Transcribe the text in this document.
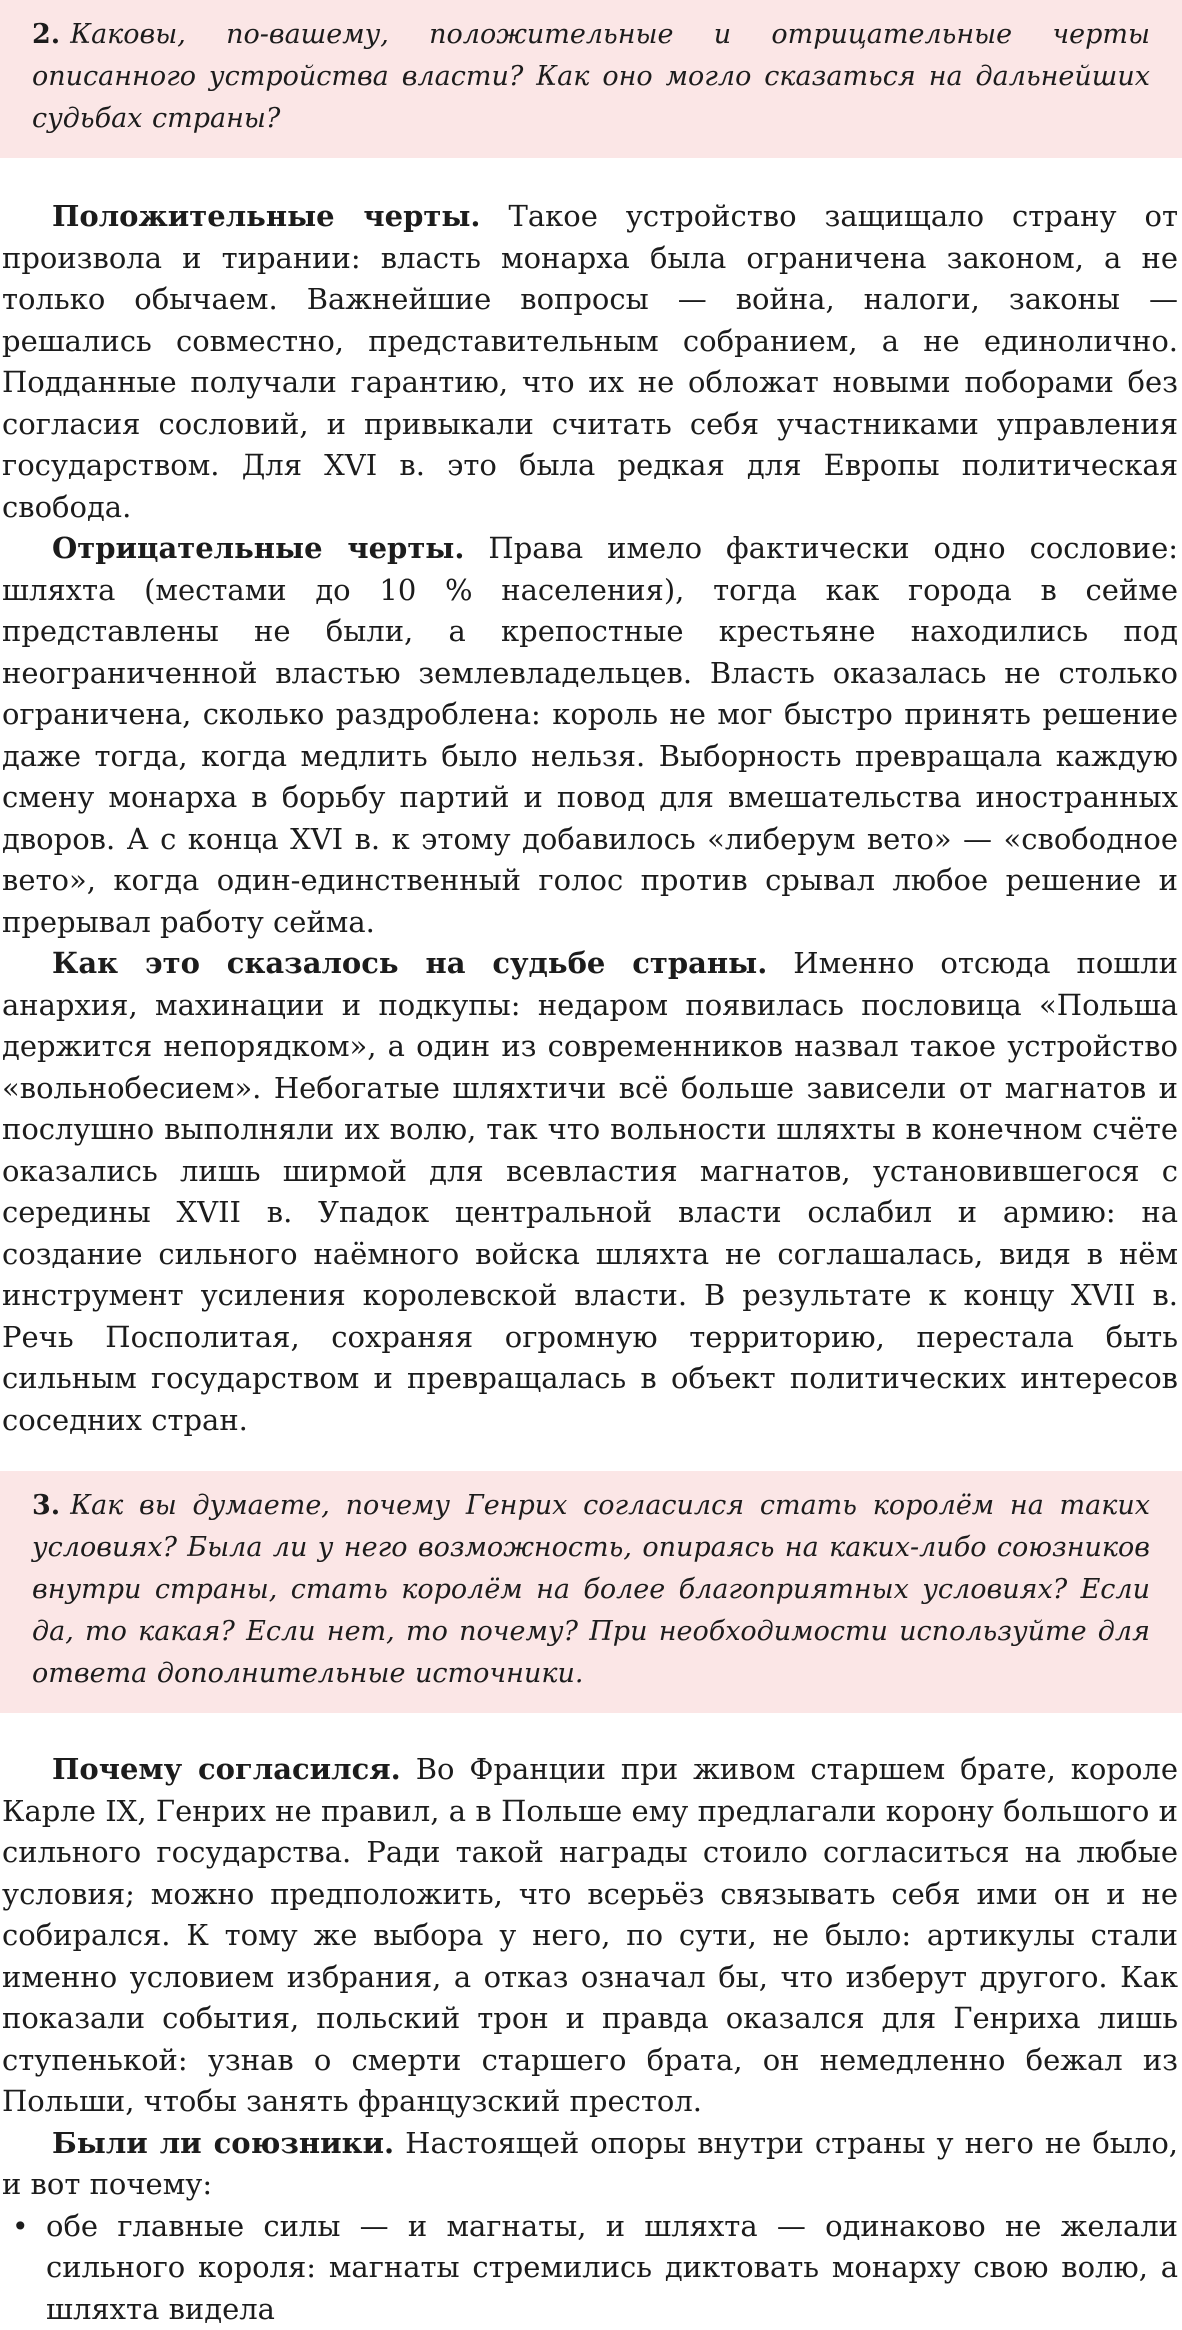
2. Каковы, по-вашему, положительные и отрицательные черты описанного устройства власти? Как оно могло сказаться на дальнейших судьбах страны?

Положительные черты. Такое устройство защищало страну от произвола и тирании: власть монарха была ограничена законом, а не только обычаем. Важнейшие вопросы — война, налоги, законы — решались совместно, представительным собранием, а не единолично. Подданные получали гарантию, что их не обложат новыми поборами без согласия сословий, и привыкали считать себя участниками управления государством. Для XVI в. это была редкая для Европы политическая свобода.

Отрицательные черты. Права имело фактически одно сословие: шляхта (местами до 10 % населения), тогда как города в сейме представлены не были, а крепостные крестьяне находились под неограниченной властью землевладельцев. Власть оказалась не столько ограничена, сколько раздроблена: король не мог быстро принять решение даже тогда, когда медлить было нельзя. Выборность превращала каждую смену монарха в борьбу партий и повод для вмешательства иностранных дворов. А с конца XVI в. к этому добавилось «либерум вето» — «свободное вето», когда один-единственный голос против срывал любое решение и прерывал работу сейма.

Как это сказалось на судьбе страны. Именно отсюда пошли анархия, махинации и подкупы: недаром появилась пословица «Польша держится непорядком», а один из современников назвал такое устройство «вольнобесием». Небогатые шляхтичи всё больше зависели от магнатов и послушно выполняли их волю, так что вольности шляхты в конечном счёте оказались лишь ширмой для всевластия магнатов, установившегося с середины XVII в. Упадок центральной власти ослабил и армию: на создание сильного наёмного войска шляхта не соглашалась, видя в нём инструмент усиления королевской власти. В результате к концу XVII в. Речь Посполитая, сохраняя огромную территорию, перестала быть сильным государством и превращалась в объект политических интересов соседних стран.

3. Как вы думаете, почему Генрих согласился стать королём на таких условиях? Была ли у него возможность, опираясь на каких-либо союзников внутри страны, стать королём на более благоприятных условиях? Если да, то какая? Если нет, то почему? При необходимости используйте для ответа дополнительные источники.

Почему согласился. Во Франции при живом старшем брате, короле Карле IX, Генрих не правил, а в Польше ему предлагали корону большого и сильного государства. Ради такой награды стоило согласиться на любые условия; можно предположить, что всерьёз связывать себя ими он и не собирался. К тому же выбора у него, по сути, не было: артикулы стали именно условием избрания, а отказ означал бы, что изберут другого. Как показали события, польский трон и правда оказался для Генриха лишь ступенькой: узнав о смерти старшего брата, он немедленно бежал из Польши, чтобы занять французский престол.

Были ли союзники. Настоящей опоры внутри страны у него не было, и вот почему:

• обе главные силы — и магнаты, и шляхта — одинаково не желали сильного короля: магнаты стремились диктовать монарху свою волю, а шляхта видела
